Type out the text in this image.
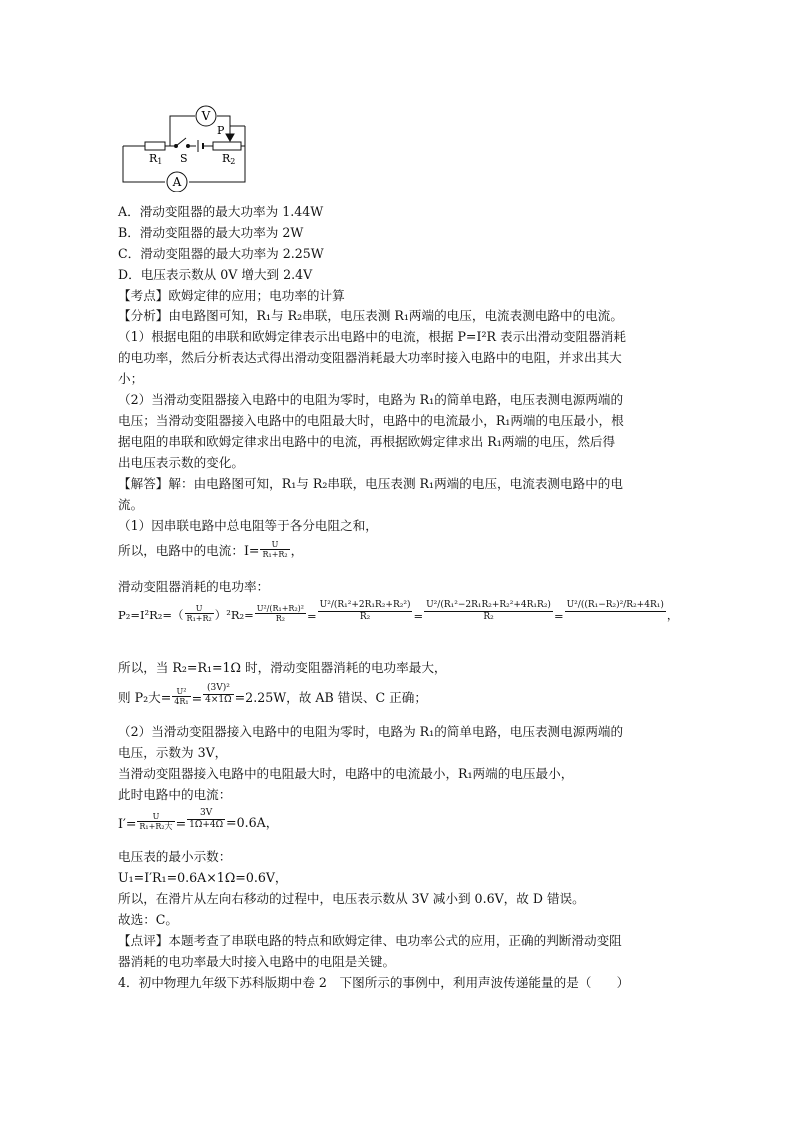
V
A
R1 S	R2
P
A．滑动变阻器的最大功率为 1.44W
B．滑动变阻器的最大功率为 2W
C．滑动变阻器的最大功率为 2.25W
D．电压表示数从 0V 增大到 2.4V
【考点】欧姆定律的应用；电功率的计算
【分析】由电路图可知，R₁与 R₂串联，电压表测 R₁两端的电压，电流表测电路中的电流。
（1）根据电阻的串联和欧姆定律表示出电路中的电流，根据 P=I²R 表示出滑动变阻器消耗
的电功率，然后分析表达式得出滑动变阻器消耗最大功率时接入电路中的电阻，并求出其大
小；
（2）当滑动变阻器接入电路中的电阻为零时，电路为 R₁的简单电路，电压表测电源两端的
电压；当滑动变阻器接入电路中的电阻最大时，电路中的电流最小，R₁两端的电压最小，根
据电阻的串联和欧姆定律求出电路中的电流，再根据欧姆定律求出 R₁两端的电压，然后得
出电压表示数的变化。
【解答】解：由电路图可知，R₁与 R₂串联，电压表测 R₁两端的电压，电流表测电路中的电
流。
（1）因串联电路中总电阻等于各分电阻之和，
所以，电路中的电流：$I= \frac{U}{\text{R₁+R₂}}$ ，
滑动变阻器消耗的电功率：
$P_2=I^2R_2=( \frac{U}{\text{R₁+R₂}} )^2R_2= \frac{\text{U²/(R₁+R₂)²}}{\text{R₂}} = \frac{\text{U²/(R₁²+2R₁R₂+R₂²)}}{\text{R₂}} = \frac{\text{U²/(R₁²−2R₁R₂+R₂²+4R₁R₂)}}{\text{R₂}}$ =
U²/((R₁−R₂)²/R₂+4R₁)
，
所以，当 R₂=R₁=1Ω 时，滑动变阻器消耗的电功率最大，
则 P₂大= $\frac{\text{U²}}{\text{4R₁}} = \frac{\text{(3V)²}}{4\times 1\Omega} =2.25W$，故 AB 错误、C 正确；
（2）当滑动变阻器接入电路中的电阻为零时，电路为 R₁的简单电路，电压表测电源两端的
电压，示数为 3V，
当滑动变阻器接入电路中的电阻最大时，电路中的电流最小，R₁两端的电压最小，
此时电路中的电流：
$I'= \frac{U}{\text{R₁+R₂大}} = \frac{3V}{1\Omega+4\Omega} =0.6A$，
电压表的最小示数：
U₁=I′R₁=0.6A×1Ω=0.6V，
所以，在滑片从左向右移动的过程中，电压表示数从 3V 减小到 0.6V，故 D 错误。
故选：C。
【点评】本题考查了串联电路的特点和欧姆定律、电功率公式的应用，正确的判断滑动变阻
器消耗的电功率最大时接入电路中的电阻是关键。
4．初中物理九年级下苏科版期中卷 2　下图所示的事例中，利用声波传递能量的是（　　）
